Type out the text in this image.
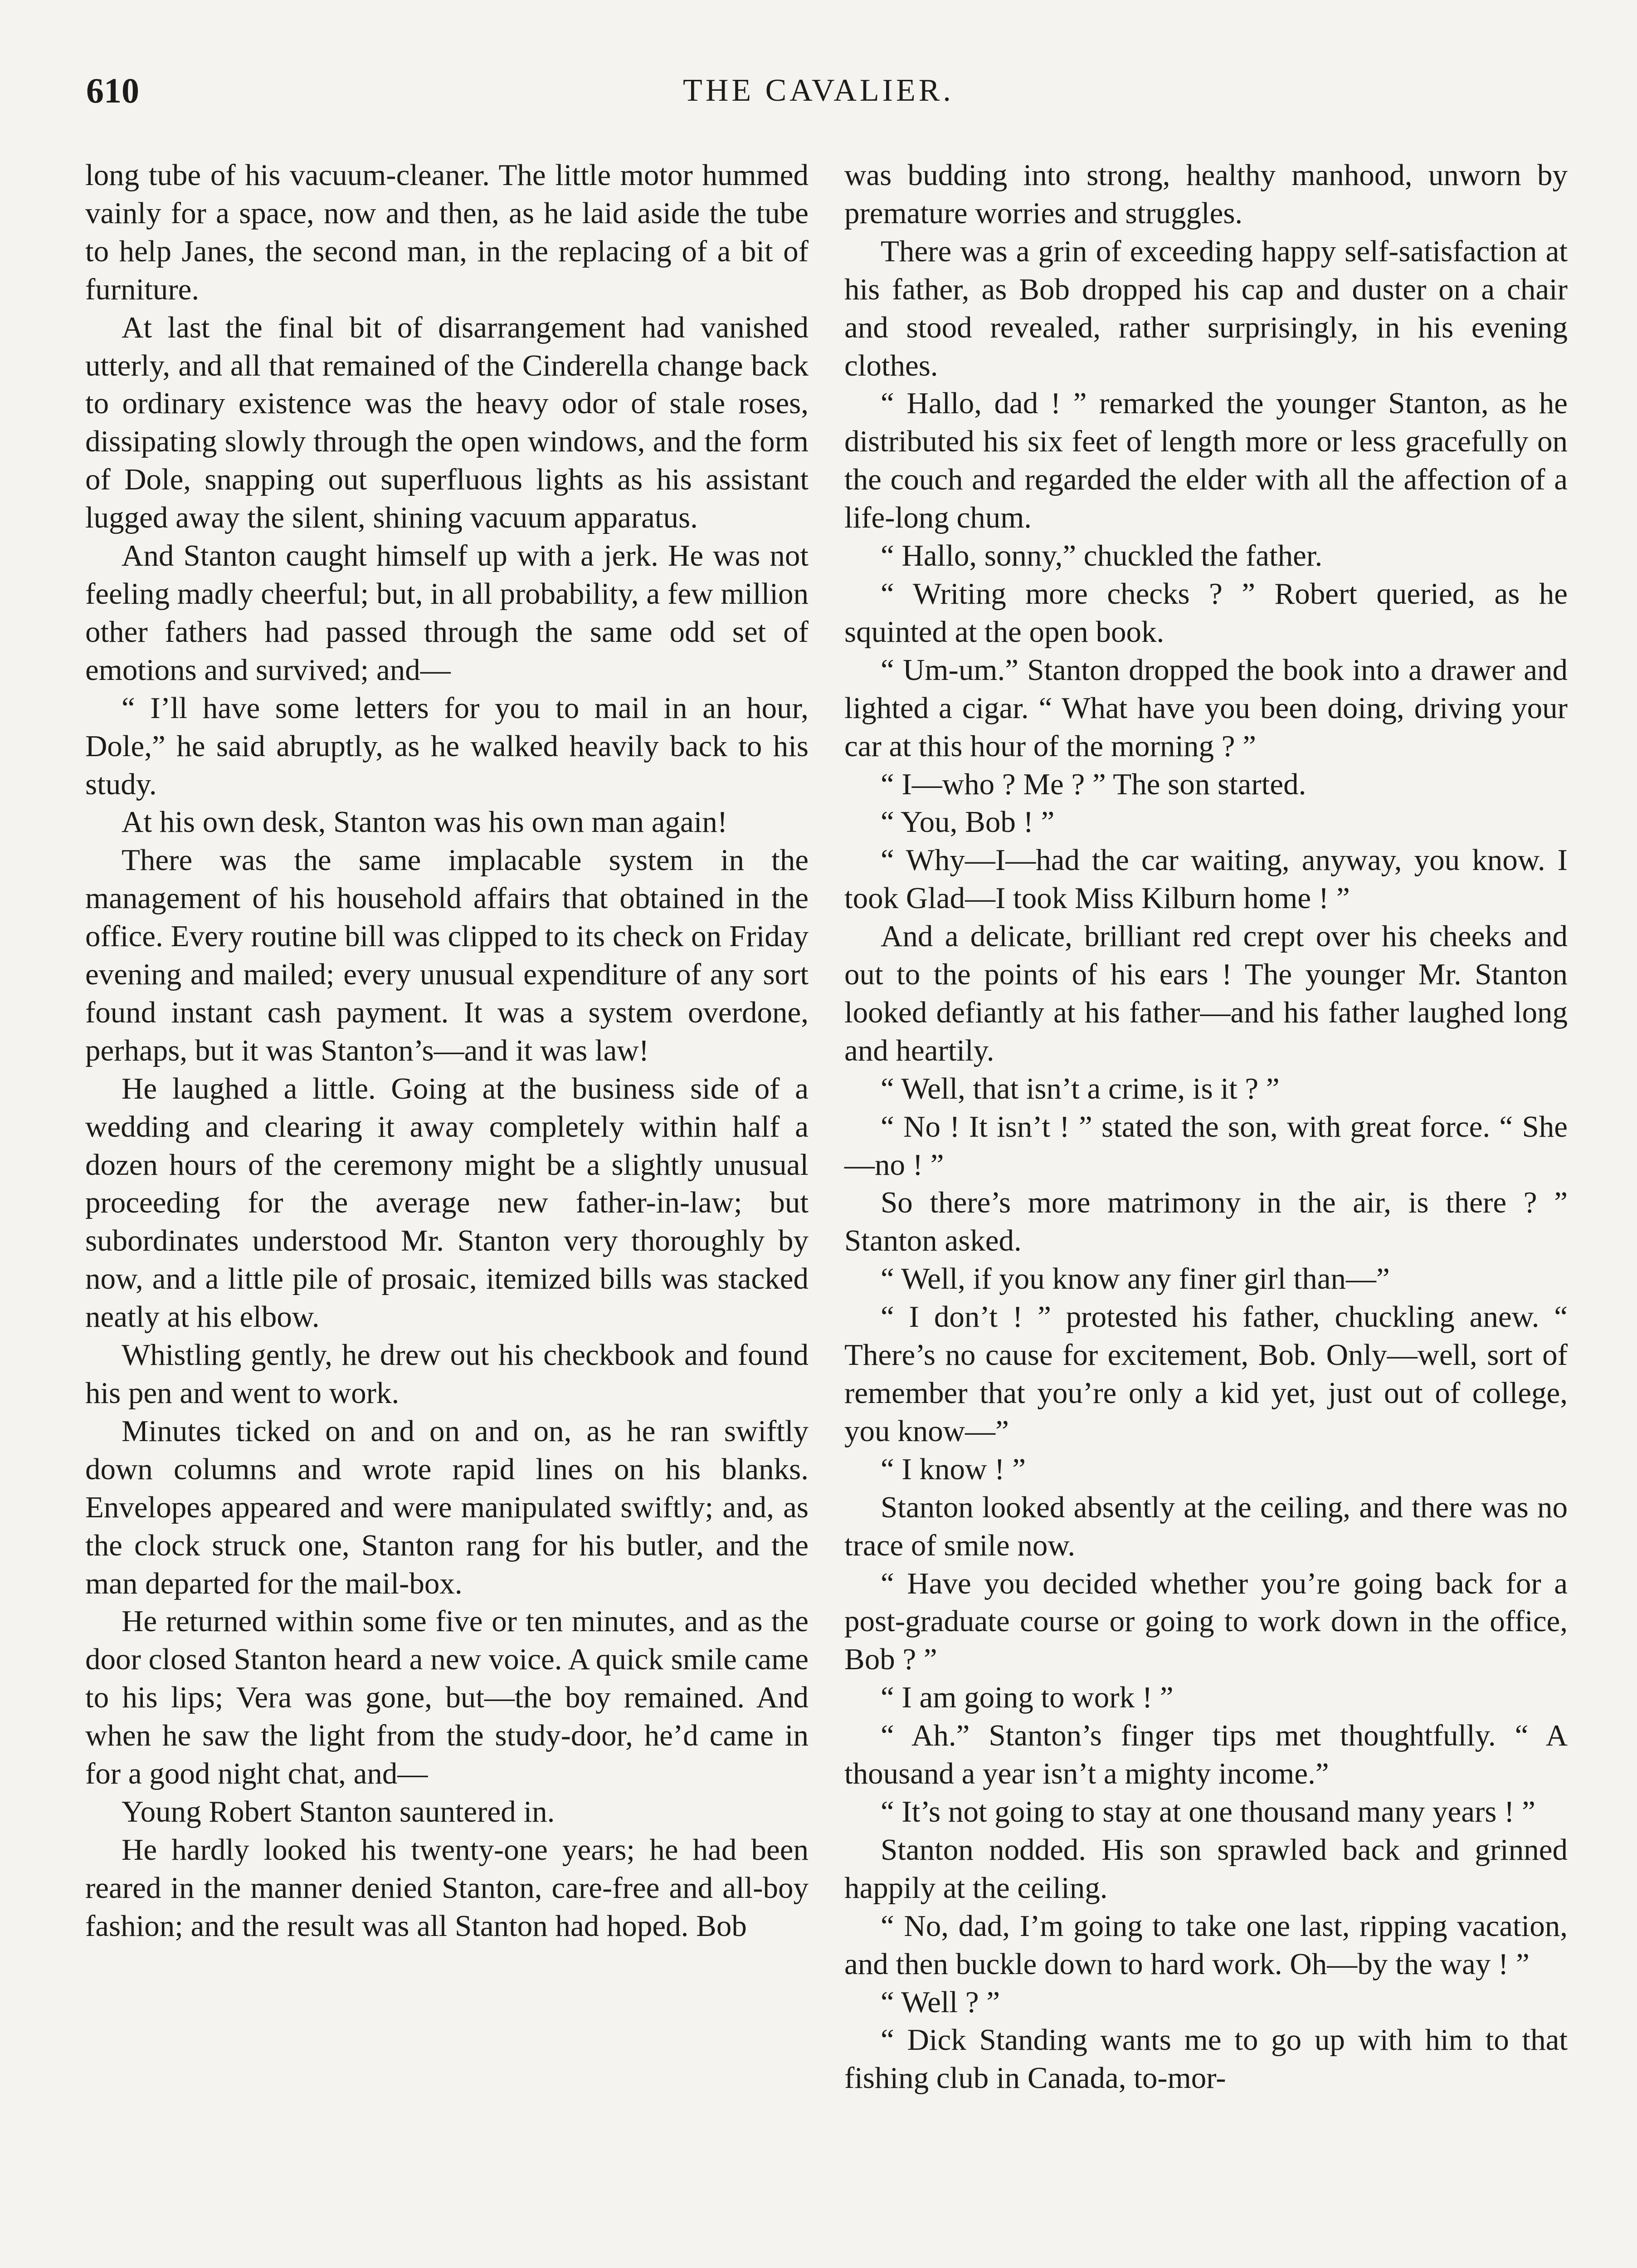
610	THE CAVALIER.

long tube of his vacuum-cleaner. The little motor hummed vainly for a space, now and then, as he laid aside the tube to help Janes, the second man, in the replacing of a bit of furniture.

At last the final bit of disarrangement had vanished utterly, and all that remained of the Cinderella change back to ordinary existence was the heavy odor of stale roses, dissipating slowly through the open windows, and the form of Dole, snapping out superfluous lights as his assistant lugged away the silent, shining vacuum apparatus.

And Stanton caught himself up with a jerk. He was not feeling madly cheerful; but, in all probability, a few million other fathers had passed through the same odd set of emotions and survived; and—

“ I’ll have some letters for you to mail in an hour, Dole,” he said abruptly, as he walked heavily back to his study.

At his own desk, Stanton was his own man again!

There was the same implacable system in the management of his household affairs that obtained in the office. Every routine bill was clipped to its check on Friday evening and mailed; every unusual expenditure of any sort found instant cash payment. It was a system overdone, perhaps, but it was Stanton’s—and it was law!

He laughed a little. Going at the business side of a wedding and clearing it away completely within half a dozen hours of the ceremony might be a slightly unusual proceeding for the average new father-in-law; but subordinates understood Mr. Stanton very thoroughly by now, and a little pile of prosaic, itemized bills was stacked neatly at his elbow.

Whistling gently, he drew out his checkbook and found his pen and went to work.

Minutes ticked on and on and on, as he ran swiftly down columns and wrote rapid lines on his blanks. Envelopes appeared and were manipulated swiftly; and, as the clock struck one, Stanton rang for his butler, and the man departed for the mail-box.

He returned within some five or ten minutes, and as the door closed Stanton heard a new voice. A quick smile came to his lips; Vera was gone, but—the boy remained. And when he saw the light from the study-door, he’d came in for a good night chat, and—

Young Robert Stanton sauntered in.

He hardly looked his twenty-one years; he had been reared in the manner denied Stanton, care-free and all-boy fashion; and the result was all Stanton had hoped. Bob

was budding into strong, healthy manhood, unworn by premature worries and struggles.

There was a grin of exceeding happy self-satisfaction at his father, as Bob dropped his cap and duster on a chair and stood revealed, rather surprisingly, in his evening clothes.

“ Hallo, dad ! ” remarked the younger Stanton, as he distributed his six feet of length more or less gracefully on the couch and regarded the elder with all the affection of a life-long chum.

“ Hallo, sonny,” chuckled the father.

“ Writing more checks ? ” Robert queried, as he squinted at the open book.

“ Um-um.” Stanton dropped the book into a drawer and lighted a cigar. “ What have you been doing, driving your car at this hour of the morning ? ”

“ I—who ? Me ? ” The son started.

“ You, Bob ! ”

“ Why—I—had the car waiting, anyway, you know. I took Glad—I took Miss Kilburn home ! ”

And a delicate, brilliant red crept over his cheeks and out to the points of his ears ! The younger Mr. Stanton looked defiantly at his father—and his father laughed long and heartily.

“ Well, that isn’t a crime, is it ? ”

“ No ! It isn’t ! ” stated the son, with great force. “ She—no ! ”

So there’s more matrimony in the air, is there ? ” Stanton asked.

“ Well, if you know any finer girl than—”

“ I don’t ! ” protested his father, chuckling anew. “ There’s no cause for excitement, Bob. Only—well, sort of remember that you’re only a kid yet, just out of college, you know—”

“ I know ! ”

Stanton looked absently at the ceiling, and there was no trace of smile now.

“ Have you decided whether you’re going back for a post-graduate course or going to work down in the office, Bob ? ”

“ I am going to work ! ”

“ Ah.” Stanton’s finger tips met thoughtfully. “ A thousand a year isn’t a mighty income.”

“ It’s not going to stay at one thousand many years ! ”

Stanton nodded. His son sprawled back and grinned happily at the ceiling.

“ No, dad, I’m going to take one last, ripping vacation, and then buckle down to hard work. Oh—by the way ! ”

“ Well ? ”

“ Dick Standing wants me to go up with him to that fishing club in Canada, to-mor-
